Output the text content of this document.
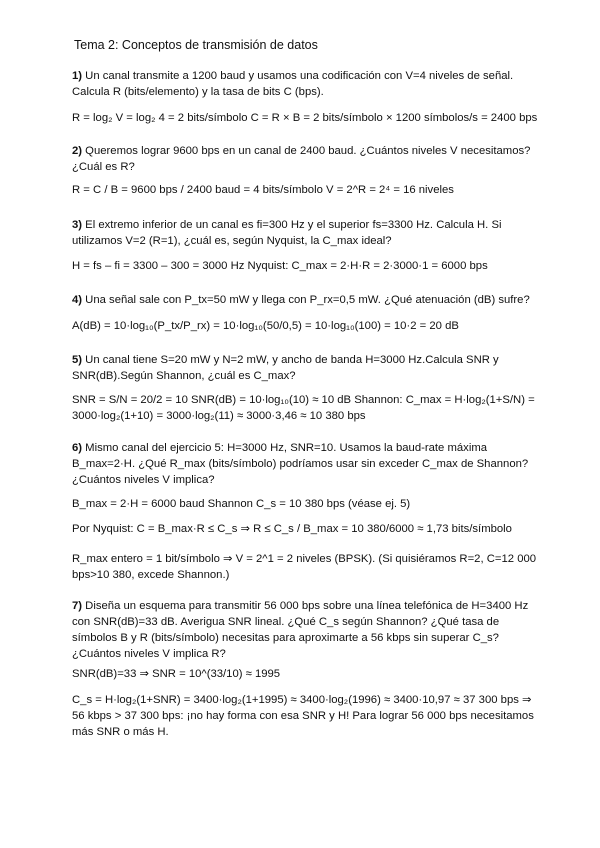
Tema 2: Conceptos de transmisión de datos

1) Un canal transmite a 1200 baud y usamos una codificación con V=4 niveles de señal. Calcula R (bits/elemento) y la tasa de bits C (bps).

R = log₂ V = log₂ 4 = 2 bits/símbolo C = R × B = 2 bits/símbolo × 1200 símbolos/s = 2400 bps

2) Queremos lograr 9600 bps en un canal de 2400 baud. ¿Cuántos niveles V necesitamos? ¿Cuál es R?

R = C / B = 9600 bps / 2400 baud = 4 bits/símbolo V = 2^R = 2⁴ = 16 niveles

3) El extremo inferior de un canal es fi=300 Hz y el superior fs=3300 Hz. Calcula H. Si utilizamos V=2 (R=1), ¿cuál es, según Nyquist, la C_max ideal?

H = fs – fi = 3300 – 300 = 3000 Hz Nyquist: C_max = 2·H·R = 2·3000·1 = 6000 bps

4) Una señal sale con P_tx=50 mW y llega con P_rx=0,5 mW. ¿Qué atenuación (dB) sufre?

A(dB) = 10·log₁₀(P_tx/P_rx) = 10·log₁₀(50/0,5) = 10·log₁₀(100) = 10·2 = 20 dB

5) Un canal tiene S=20 mW y N=2 mW, y ancho de banda H=3000 Hz.Calcula SNR y SNR(dB).Según Shannon, ¿cuál es C_max?

SNR = S/N = 20/2 = 10 SNR(dB) = 10·log₁₀(10) ≈ 10 dB Shannon: C_max = H·log₂(1+S/N) = 3000·log₂(1+10) = 3000·log₂(11) ≈ 3000·3,46 ≈ 10 380 bps

6) Mismo canal del ejercicio 5: H=3000 Hz, SNR=10. Usamos la baud-rate máxima B_max=2·H. ¿Qué R_max (bits/símbolo) podríamos usar sin exceder C_max de Shannon? ¿Cuántos niveles V implica?

B_max = 2·H = 6000 baud Shannon C_s = 10 380 bps (véase ej. 5)

Por Nyquist: C = B_max·R ≤ C_s ⇒ R ≤ C_s / B_max = 10 380/6000 ≈ 1,73 bits/símbolo

R_max entero = 1 bit/símbolo ⇒ V = 2^1 = 2 niveles (BPSK). (Si quisiéramos R=2, C=12 000 bps>10 380, excede Shannon.)

7) Diseña un esquema para transmitir 56 000 bps sobre una línea telefónica de H=3400 Hz con SNR(dB)=33 dB. Averigua SNR lineal. ¿Qué C_s según Shannon? ¿Qué tasa de símbolos B y R (bits/símbolo) necesitas para aproximarte a 56 kbps sin superar C_s? ¿Cuántos niveles V implica R?

SNR(dB)=33 ⇒ SNR = 10^(33/10) ≈ 1995

C_s = H·log₂(1+SNR) = 3400·log₂(1+1995) ≈ 3400·log₂(1996) ≈ 3400·10,97 ≈ 37 300 bps ⇒ 56 kbps > 37 300 bps: ¡no hay forma con esa SNR y H! Para lograr 56 000 bps necesitamos más SNR o más H.
